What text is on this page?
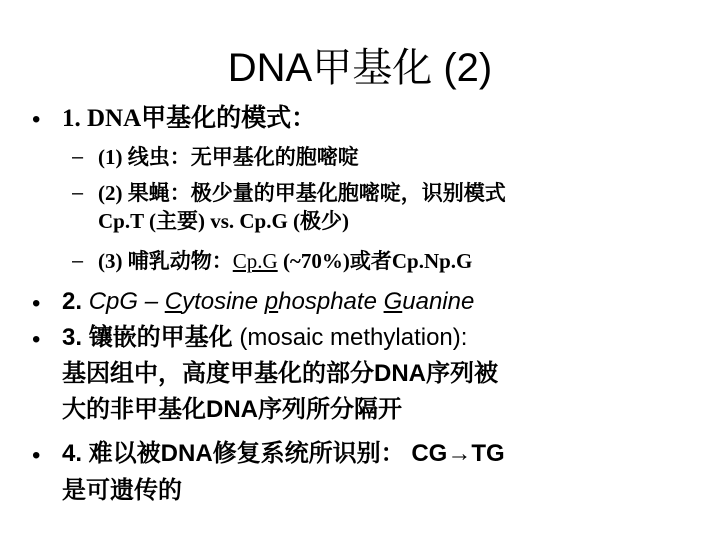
DNA甲基化 (2)
• 1. DNA甲基化的模式：
– (1) 线虫：无甲基化的胞嘧啶
– (2) 果蝇：极少量的甲基化胞嘧啶，识别模式
Cp.T (主要) vs. Cp.G (极少)
– (3) 哺乳动物：Cp.G (~70%)或者Cp.Np.G
• 2. CpG – Cytosine phosphate Guanine
• 3. 镶嵌的甲基化 (mosaic methylation):
基因组中，高度甲基化的部分DNA序列被
大的非甲基化DNA序列所分隔开
• 4. 难以被DNA修复系统所识别： CG→TG
是可遗传的
